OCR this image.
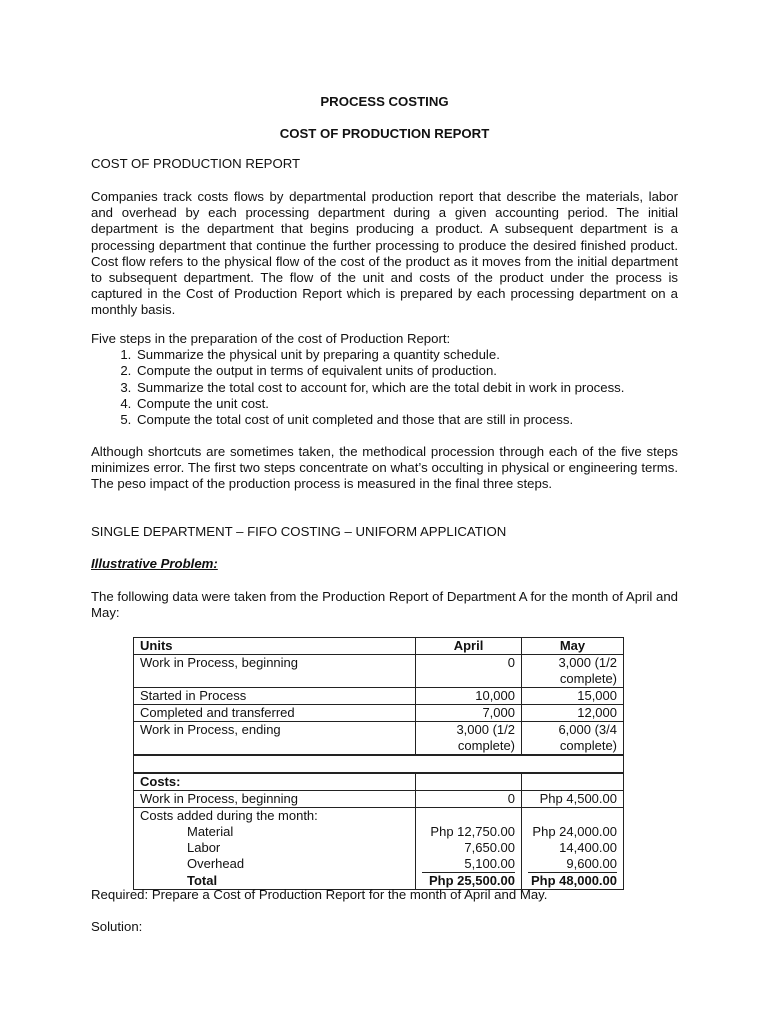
PROCESS COSTING
COST OF PRODUCTION REPORT
COST OF PRODUCTION REPORT
Companies track costs flows by departmental production report that describe the materials, labor and overhead by each processing department during a given accounting period. The initial department is the department that begins producing a product. A subsequent department is a processing department that continue the further processing to produce the desired finished product. Cost flow refers to the physical flow of the cost of the product as it moves from the initial department to subsequent department. The flow of the unit and costs of the product under the process is captured in the Cost of Production Report which is prepared by each processing department on a monthly basis.
Five steps in the preparation of the cost of Production Report:
1. Summarize the physical unit by preparing a quantity schedule.
2. Compute the output in terms of equivalent units of production.
3. Summarize the total cost to account for, which are the total debit in work in process.
4. Compute the unit cost.
5. Compute the total cost of unit completed and those that are still in process.
Although shortcuts are sometimes taken, the methodical procession through each of the five steps minimizes error. The first two steps concentrate on what’s occulting in physical or engineering terms. The peso impact of the production process is measured in the final three steps.
SINGLE DEPARTMENT – FIFO COSTING – UNIFORM APPLICATION
Illustrative Problem:
The following data were taken from the Production Report of Department A for the month of April and May:
Units	April	May
Work in Process, beginning	0	3,000 (1/2 complete)
Started in Process	10,000	15,000
Completed and transferred	7,000	12,000
Work in Process, ending	3,000 (1/2 complete)	6,000 (3/4 complete)

Costs:		
Work in Process, beginning	0	Php 4,500.00
Costs added during the month:		
Material	Php 12,750.00	Php 24,000.00
Labor	7,650.00	14,400.00
Overhead	5,100.00	9,600.00

Total	Php 25,500.00	Php 48,000.00
Required: Prepare a Cost of Production Report for the month of April and May.
Solution:
